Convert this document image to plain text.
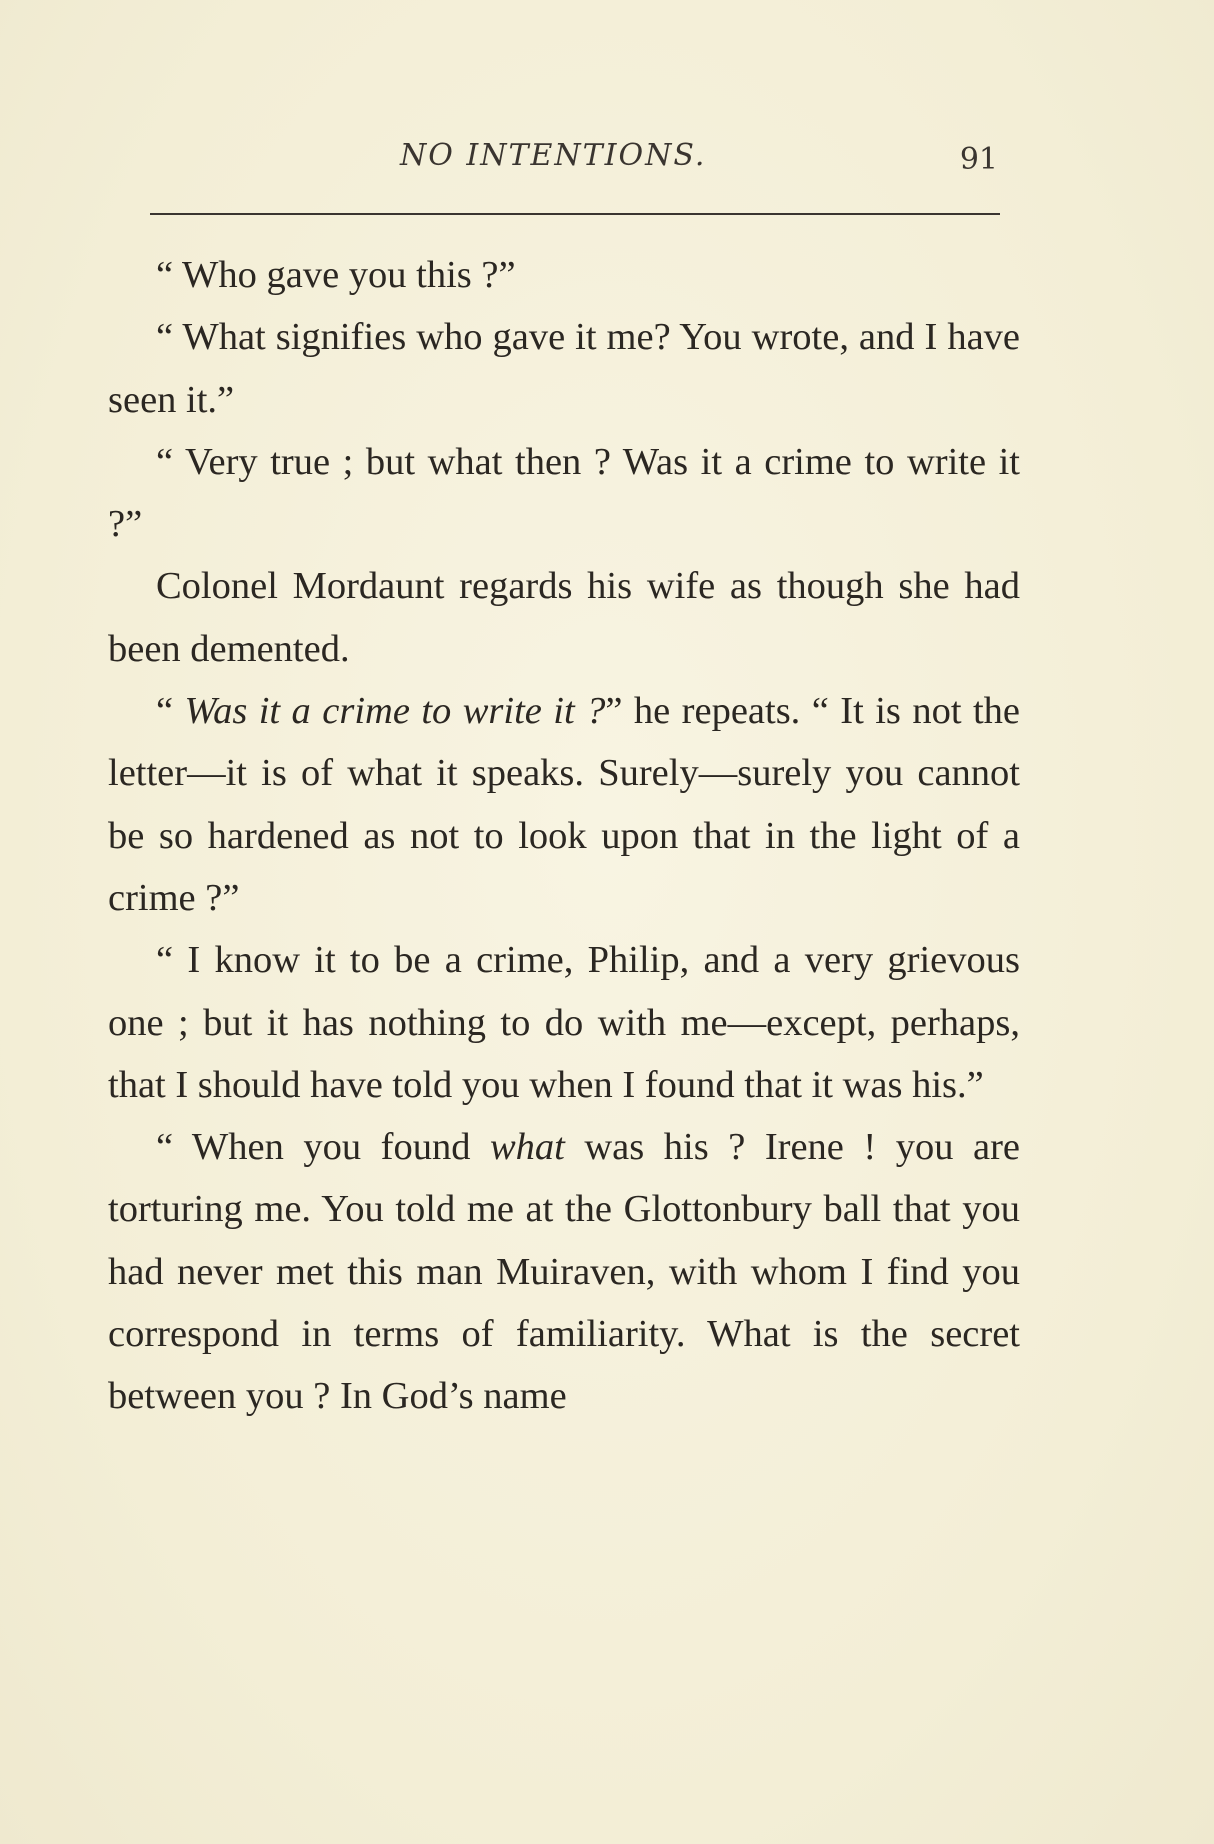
NO INTENTIONS.	91

“ Who gave you this ?”

“ What signifies who gave it me? You wrote, and I have seen it.”

“ Very true ; but what then ? Was it a crime to write it ?”

Colonel Mordaunt regards his wife as though she had been demented.

“ Was it a crime to write it ?” he repeats. “ It is not the letter—it is of what it speaks. Surely—surely you cannot be so hardened as not to look upon that in the light of a crime ?”

“ I know it to be a crime, Philip, and a very grievous one ; but it has nothing to do with me—except, perhaps, that I should have told you when I found that it was his.”

“ When you found what was his ? Irene ! you are torturing me. You told me at the Glottonbury ball that you had never met this man Muiraven, with whom I find you correspond in terms of familiarity. What is the secret between you ? In God’s name
